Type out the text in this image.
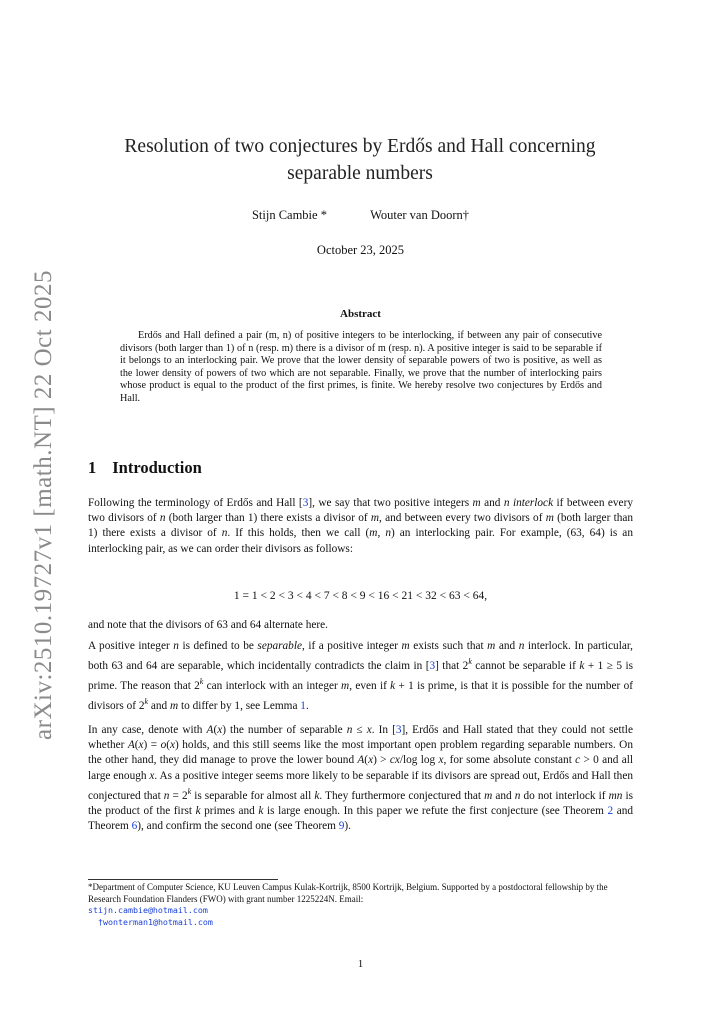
arXiv:2510.19727v1 [math.NT] 22 Oct 2025
Resolution of two conjectures by Erdős and Hall concerning
separable numbers
Stijn Cambie *	Wouter van Doorn†
October 23, 2025
Abstract
Erdős and Hall defined a pair (m, n) of positive integers to be interlocking, if between any pair of consecutive divisors (both larger than 1) of n (resp. m) there is a divisor of m (resp. n). A positive integer is said to be separable if it belongs to an interlocking pair. We prove that the lower density of separable powers of two is positive, as well as the lower density of powers of two which are not separable. Finally, we prove that the number of interlocking pairs whose product is equal to the product of the first primes, is finite. We hereby resolve two conjectures by Erdős and Hall.
1 Introduction
Following the terminology of Erdős and Hall [3], we say that two positive integers m and n interlock if between every two divisors of n (both larger than 1) there exists a divisor of m, and between every two divisors of m (both larger than 1) there exists a divisor of n. If this holds, then we call (m, n) an interlocking pair. For example, (63, 64) is an interlocking pair, as we can order their divisors as follows:
1 = 1 < 2 < 3 < 4 < 7 < 8 < 9 < 16 < 21 < 32 < 63 < 64,
and note that the divisors of 63 and 64 alternate here.
A positive integer n is defined to be separable, if a positive integer m exists such that m and n interlock. In particular, both 63 and 64 are separable, which incidentally contradicts the claim in [3] that 2$^k$ cannot be separable if k + 1 ≥ 5 is prime. The reason that 2$^k$ can interlock with an integer m, even if k + 1 is prime, is that it is possible for the number of divisors of 2$^k$ and m to differ by 1, see Lemma 1.
In any case, denote with A(x) the number of separable n ≤ x. In [3], Erdős and Hall stated that they could not settle whether A(x) = o(x) holds, and this still seems like the most important open problem regarding separable numbers. On the other hand, they did manage to prove the lower bound A(x) > cx/log log x, for some absolute constant c > 0 and all large enough x. As a positive integer seems more likely to be separable if its divisors are spread out, Erdős and Hall then conjectured that $n = 2^k$ is separable for almost all k. They furthermore conjectured that m and n do not interlock if mn is the product of the first k primes and k is large enough. In this paper we refute the first conjecture (see Theorem 2 and Theorem 6), and confirm the second one (see Theorem 9).
*Department of Computer Science, KU Leuven Campus Kulak-Kortrijk, 8500 Kortrijk, Belgium. Supported by a postdoctoral fellowship by the Research Foundation Flanders (FWO) with grant number 1225224N. Email:
stijn.cambie@hotmail.com
†wonterman1@hotmail.com
1
